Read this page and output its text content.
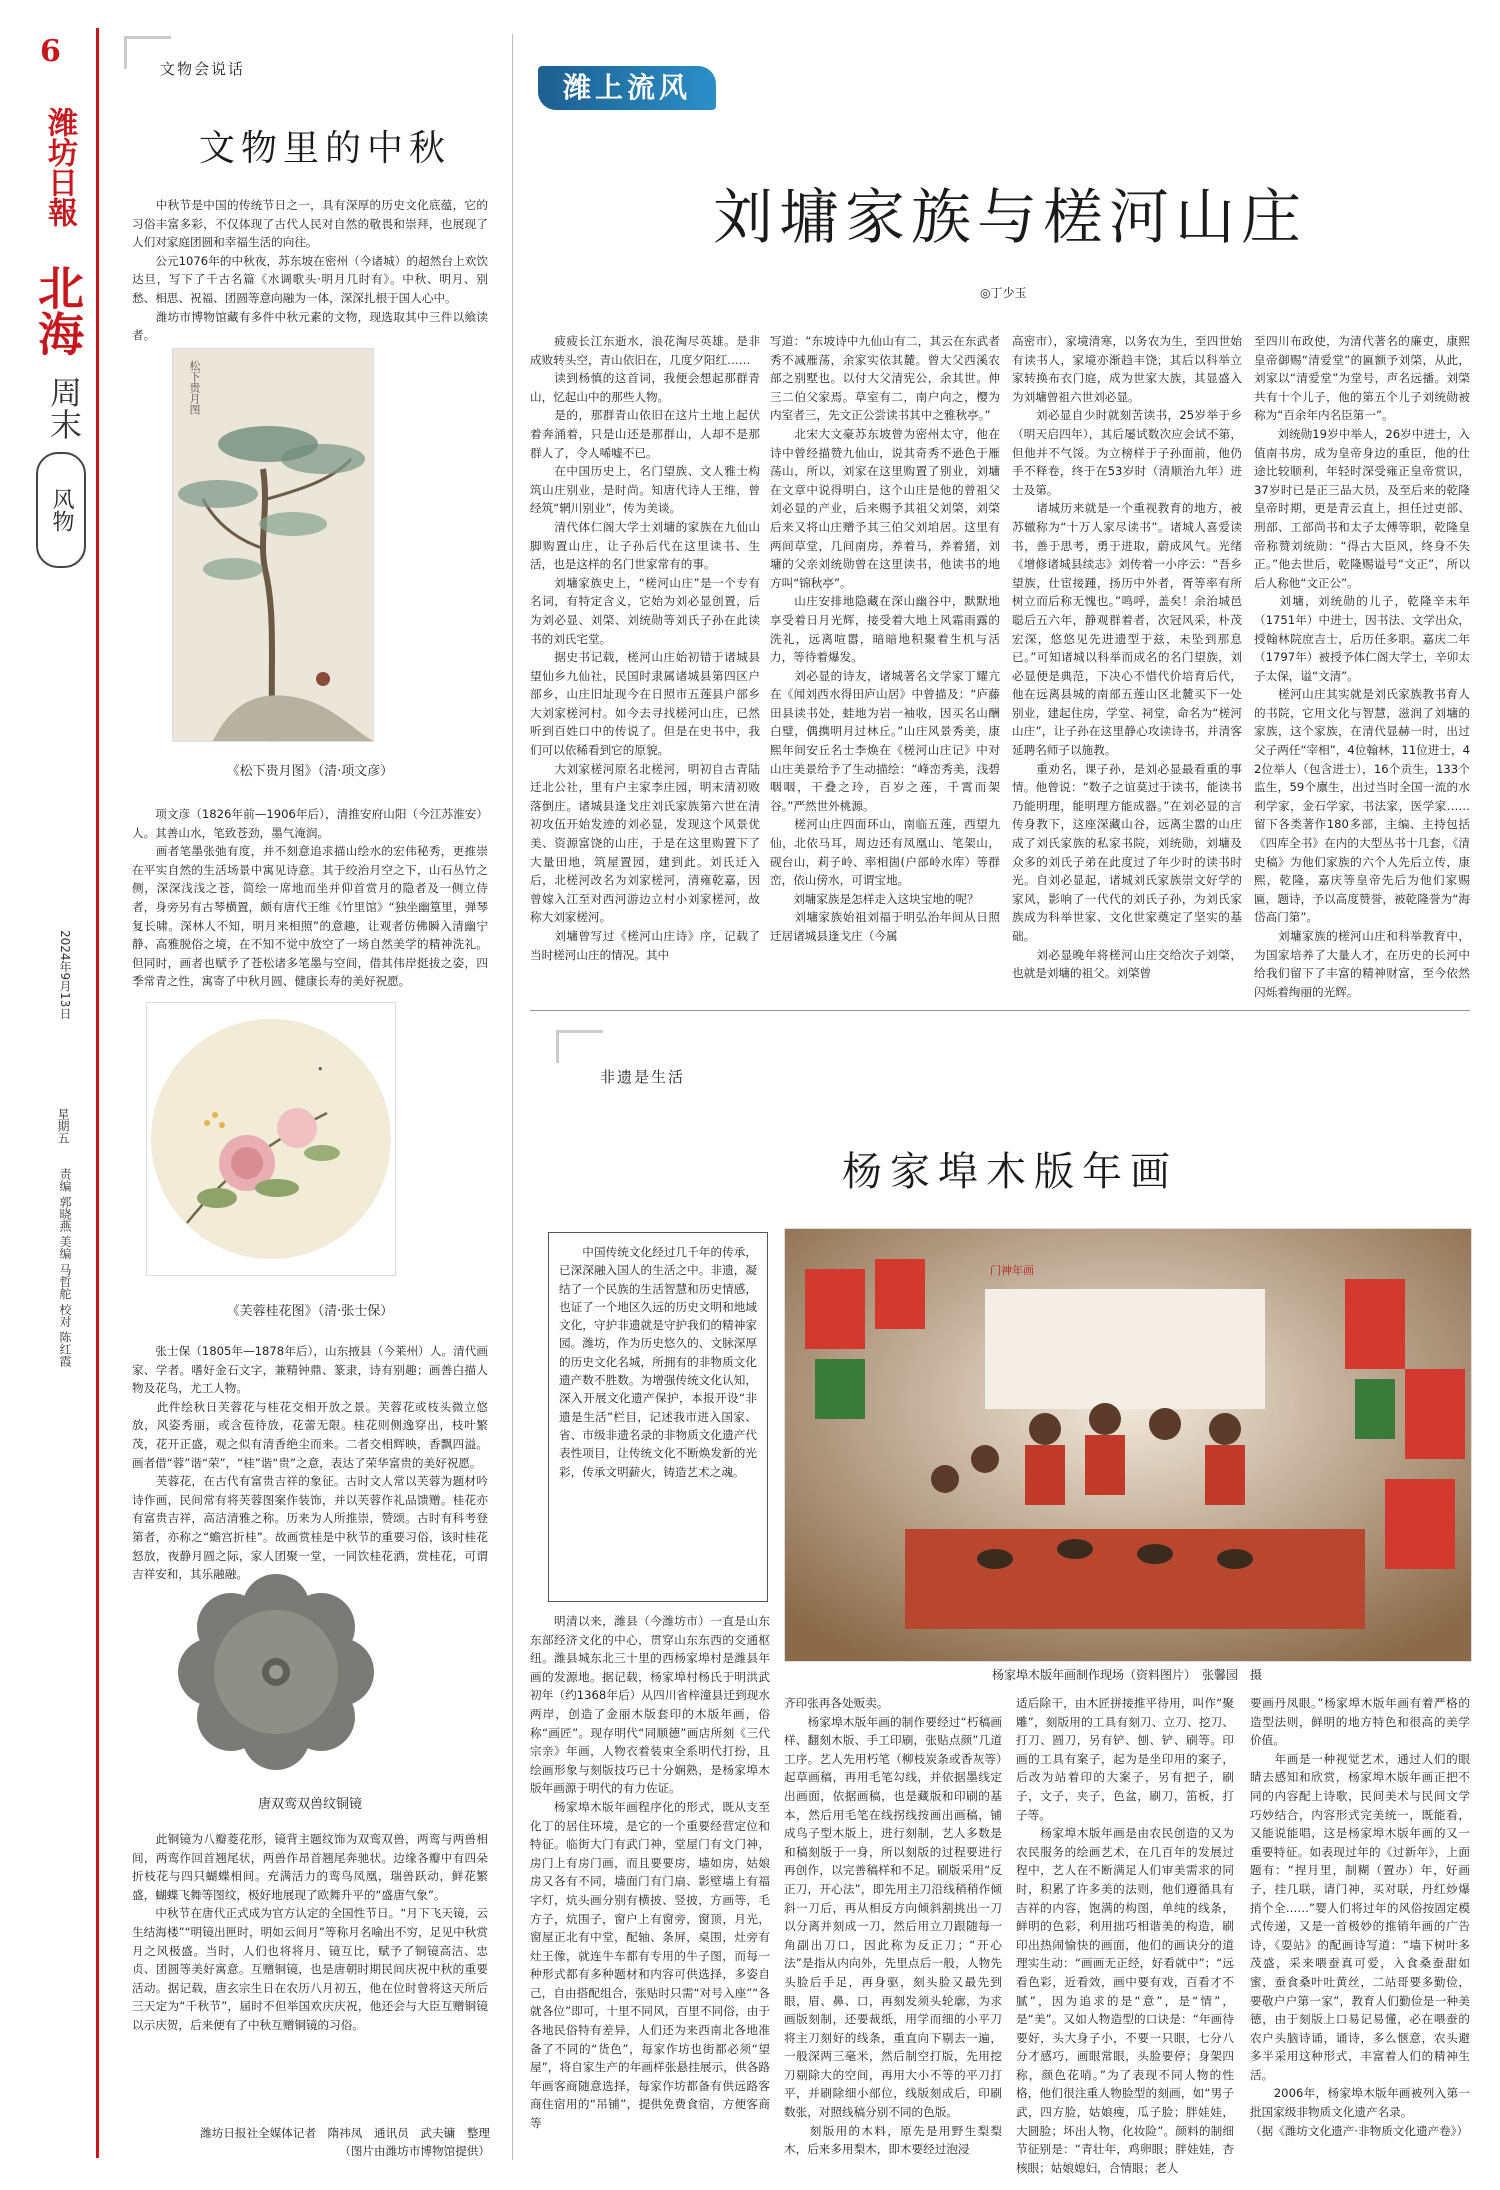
6
潍坊日報
北海
周末
风物
2024年9月13日
星期五
责编 郭晓燕 美编 马哲舵 校对 陈红霞
文物会说话
文物里的中秋
　　中秋节是中国的传统节日之一，具有深厚的历史文化底蕴，它的习俗丰富多彩，不仅体现了古代人民对自然的敬畏和崇拜，也展现了人们对家庭团圆和幸福生活的向往。
　　公元1076年的中秋夜，苏东坡在密州（今诸城）的超然台上欢饮达旦，写下了千古名篇《水调歌头·明月几时有》。中秋、明月、别愁、相思、祝福、团圆等意向融为一体，深深扎根于国人心中。
　　潍坊市博物馆藏有多件中秋元素的文物，现选取其中三件以飨读者。
松下贵月图
《松下贵月图》（清·项文彦）
　　项文彦（1826年前—1906年后），清推安府山阳（今江苏淮安）人。其善山水，笔致苍劲，墨气淹润。
　　画者笔墨张弛有度，并不刻意追求描山绘水的宏伟秘秀，更推崇在平实自然的生活场景中寓见诗意。其于绞治月空之下，山石丛竹之侧，深深浅浅之苍，简绘一席地而坐并仰首赏月的隐者及一侧立侍者，身旁另有古琴横置，颇有唐代王维《竹里馆》“独坐幽篁里，弹琴复长啸。深林人不知，明月来相照”的意趣，让观者仿佛瞬入清幽宁静、高雅脱俗之境，在不知不觉中放空了一场自然美学的精神洗礼。但同时，画者也赋予了苍松诸多笔墨与空间，借其伟岸挺拔之姿，四季常青之性，寓寄了中秋月圆、健康长寿的美好祝愿。
•
《芙蓉桂花图》（清·张士保）
　　张士保（1805年—1878年后），山东掖县（今莱州）人。清代画家、学者。嗜好金石文字，兼精钟鼎、篆隶，诗有别趣；画善白描人物及花鸟，尤工人物。
　　此件绘秋日芙蓉花与桂花交相开放之景。芙蓉花或枝头微立悠放，风姿秀丽，或含苞待放，花蕾无限。桂花则侧逸穿出，枝叶繁茂，花开正盛，观之似有清香绝尘而来。二者交相辉映，香飘四溢。画者借“蓉”谐“荣”，“桂”谐“贵”之意，表达了荣华富贵的美好祝愿。
　　芙蓉花，在古代有富贵吉祥的象征。古时文人常以芙蓉为题材吟诗作画，民间常有将芙蓉图案作装饰，并以芙蓉作礼品馈赠。桂花亦有富贵吉祥，高洁清雅之称。历来为人所推崇，赞颂。古时有科考登第者，亦称之“蟾宫折桂”。故画赏桂是中秋节的重要习俗，该时桂花怒放，夜静月圆之际，家人团聚一堂，一同饮桂花酒，赏桂花，可谓吉祥安和，其乐融融。
唐双鸾双兽纹铜镜
　　此铜镜为八瓣菱花形，镜背主题纹饰为双鸾双兽，两鸾与两兽相间，两鸾作回首翘尾状，两兽作昂首翘尾奔驰状。边缘各瓣中有四朵折枝花与四只蝴蝶相间。充满活力的鸾鸟凤凰，瑞兽跃动，鲜花繁盛，蝴蝶飞舞等图纹，极好地展现了欧舞升平的“盛唐气象”。
　　中秋节在唐代正式成为官方认定的全国性节日。“月下飞天镜，云生结海楼”“明镜出匣时，明如云间月”等称月名喻出不穷，足见中秋赏月之风极盛。当时，人们也将将月、镜互比，赋予了铜镜高洁、忠贞、团圆等美好寓意。互赠铜镜，也是唐朝时期民间庆祝中秋的重要活动。据记载，唐玄宗生日在农历八月初五，他在位时曾将这天所后三天定为“千秋节”，届时不但举国欢庆庆祝，他还会与大臣互赠铜镜以示庆贺，后来便有了中秋互赠铜镜的习俗。
潍坊日报社全媒体记者　隋祎凤　通讯员　武夫镛　整理
（图片由潍坊市博物馆提供）
潍上流风
刘墉家族与槎河山庄
◎丁少玉
　　疲疲长江东逝水，浪花淘尽英雄。是非成败转头空，青山依旧在，几度夕阳红……
　　读到杨慎的这首词，我便会想起那群青山，忆起山中的那些人物。
　　是的，那群青山依旧在这片土地上起伏着奔涌着，只是山还是那群山，人却不是那群人了，令人唏嘘不已。
　　在中国历史上，名门望族、文人雅士构筑山庄别业，是时尚。知唐代诗人王维，曾经筑“辋川别业”，传为美谈。
　　清代体仁阁大学士刘墉的家族在九仙山脚购置山庄，让子孙后代在这里读书、生活，也是这样的名门世家常有的事。
　　刘墉家族史上，“槎河山庄”是一个专有名词，有特定含义，它始为刘必显创置，后为刘必显、刘棨、刘统勋等刘氏子孙在此读书的刘氏宅堂。
　　据史书记载，槎河山庄始初错于诸城县望仙乡九仙社，民国时隶属诸城县第四区户部乡，山庄旧址现今在日照市五莲县户部乡大刘家槎河村。如今去寻找槎河山庄，已然听到百姓口中的传说了。但是在史书中，我们可以依稀看到它的原貌。
　　大刘家槎河原名北槎河，明初自古青陆迁北公社，里有户主家李庄园，明末清初败落倒庄。诸城县逢戈庄刘氏家族第六世在清初攻伍开始发迹的刘必显，发现这个风景优美、资源富饶的山庄，于是在这里购置下了大量田地，筑屋置园，建到此。刘氏迁入后，北槎河改名为刘家槎河，清雍乾嘉，因曾嫁入江至对西河游边立村小刘家槎河，故称大刘家槎河。
　　刘墉曾写过《槎河山庄诗》序，记载了当时槎河山庄的情况。其中
写道：“东坡诗中九仙山有二，其云在东武者秀不减雁荡，余家实依其麓。曾大父西溪农部之别墅也。以付大父清宪公，余其世。伸三二伯父家焉。草室有二，南户向之，樱为内室者三，先文正公尝读书其中之雅秋亭。”
　　北宋大文豪苏东坡曾为密州太守，他在诗中曾经描赞九仙山，说其奇秀不逊色于雁荡山，所以，刘家在这里购置了别业，刘墉在文章中说得明白，这个山庄是他的曾祖父刘必显的产业，后来赐予其祖父刘棨，刘棨后来又将山庄赠予其三伯父刘垍居。这里有两间草堂，几间南房，养着马，养着猪，刘墉的父亲刘统勋曾在这里读书，他读书的地方叫“锦秋亭”。
　　山庄安排地隐藏在深山幽谷中，默默地享受着日月光辉，接受着大地上风霜雨露的洗礼，远离喧嚣，暗暗地积聚着生机与活力，等待着爆发。
　　刘必显的诗友，诸城著名文学家丁耀亢在《闻刘西水得田庐山居》中曾描及：“庐藤田县读书处，蛙地为岩一袖收，因买名山酬白璧，偶携明月过林丘。”山庄风景秀美，康熙年间安丘名士李焕在《槎河山庄记》中对山庄美景给予了生动描绘：“峰峦秀美，浅碧咽咽，干叠之玲，百岁之莲，千霄而架谷。”严然世外桃源。
　　槎河山庄四面环山，南临五莲，西望九仙，北依马耳，周边还有凤凰山、笔架山，砚台山，莉子岭、率相崮(户部岭水库）等群峦，依山傍水，可谓宝地。
　　刘墉家族是怎样走入这块宝地的呢？
　　刘墉家族始祖刘福于明弘治年间从日照迁居诸城县逢戈庄（今属
高密市），家境清寒，以务农为生，至四世始有读书人，家境亦渐趋丰饶，其后以科举立家转换布衣门庭，成为世家大族，其显盛入为刘墉曾祖六世刘必显。
　　刘必显自少时就刻苦读书，25岁举于乡（明天启四年），其后屡试数次应会试不第，但他并不气馁。为立榜样于子孙面前，他仍手不释卷，终于在53岁时（清顺治九年）进士及第。
　　诸城历来就是一个重视教育的地方，被苏辙称为“十万人家尽读书”。诸城人喜爱读书，善于思考，勇于进取，蔚成风气。光绪《增修诸城县续志》刘传着一小序云：“吾乡望族，仕宦接踵，扬历中外者，胥等率有所树立而后称无愧也。”鸣呼，盖矣！余治城邑聪后五六年，静观群着者，次冠风采，朴茂宏深，悠悠见先进遗型于兹，未坠到那息已。”可知诸城以科举而成名的名门望族，刘必显便是典范，下决心不惜代价培育后代，他在远离县城的南部五莲山区北麓买下一处别业，建起住房，学堂、祠堂，命名为“槎河山庄”，让子孙在这里静心攻读诗书，并清客延聘名师子以施教。
　　重劝名，课子孙，是刘必显最看重的事情。他曾说：“数子之谊莫过于读书，能读书乃能明理，能明理方能成器。”在刘必显的言传身教下，这座深藏山谷，远离尘嚣的山庄成了刘氏家族的私家书院，刘统勋，刘墉及众多的刘氏子弟在此度过了年少时的读书时光。自刘必显起，诸城刘氏家族崇文好学的家风，影响了一代代的刘氏子孙，为刘氏家族成为科举世家、文化世家奠定了坚实的基础。
　　刘必显晚年将槎河山庄交给次子刘棨，也就是刘墉的祖父。刘棨曾
至四川布政使，为清代著名的廉吏，康熙皇帝御赐“清爱堂”的匾额予刘棨，从此，刘家以“清爱堂”为堂号，声名远播。刘棨共有十个儿子，他的第五个儿子刘统勋被称为“百余年内名臣第一”。
　　刘统勋19岁中举人，26岁中进士，入值南书房，成为皇帝身边的重臣，他的仕途比较顺利，年轻时深受雍正皇帝赏识，37岁时已是正三品大员，及至后来的乾隆皇帝时期，更是青云直上，担任过吏部、刑部、工部尚书和太子太傅等职，乾隆皇帝称赞刘统勋：“得古大臣风，终身不失正。”他去世后，乾隆赐谥号“文正”，所以后人称他“文正公”。
　　刘墉，刘统勋的儿子，乾隆辛未年（1751年）中进士，因书法、文学出众，授翰林院庶吉士，后历任多职。嘉庆二年（1797年）被授予体仁阁大学士，辛卯太子太保，谥“文清”。
　　槎河山庄其实就是刘氏家族教书育人的书院，它用文化与智慧，滋润了刘墉的家族，这个家族，在清代显赫一时，出过父子两任“宰相”，4位翰林，11位进士，42位举人（包含进士），16个贡生，133个监生，59个廪生，出过当时全国一流的水利学家，金石学家，书法家，医学家……留下各类著作180多部，主编、主持包括《四库全书》在内的大型丛书十几套，《清史稿》为他们家族的六个人先后立传，康熙，乾隆，嘉庆等皇帝先后为他们家赐匾，题诗，予以高度赞誉，被乾隆誉为“海岱高门第”。
　　刘墉家族的槎河山庄和科举教育中，为国家培养了大量人才，在历史的长河中给我们留下了丰富的精神财富，至今依然闪烁着绚丽的光辉。
非遗是生活
杨家埠木版年画
　　中国传统文化经过几千年的传承，已深深融入国人的生活之中。非遗，凝结了一个民族的生活智慧和历史情感，也证了一个地区久远的历史文明和地域文化，守护非遗就是守护我们的精神家园。潍坊，作为历史悠久的、文脉深厚的历史文化名城，所拥有的非物质文化遗产数不胜数。为增强传统文化认知，深入开展文化遗产保护，本报开设“非遗是生活”栏目，记述我市进入国家、省、市级非遗名录的非物质文化遗产代表性项目，让传统文化不断焕发新的光彩，传承文明薪火，铸造艺术之魂。
门神年画
杨家埠木版年画制作现场（资料图片）　张馨园　摄
　　明清以来，潍县（今潍坊市）一直是山东东部经济文化的中心，贯穿山东东西的交通枢纽。潍县城东北三十里的西杨家埠村是潍县年画的发源地。据记载，杨家埠村杨氏于明洪武初年（约1368年后）从四川省梓潼县迁到现水两岸，创造了金丽木版套印的木版年画，俗称“画匠”。现存明代“同顺德”画店所刻《三代宗亲》年画，人物衣着装束全系明代打扮，且绘画形象与刻版技巧已十分娴熟，是杨家埠木版年画源于明代的有力佐证。
　　杨家埠木版年画程序化的形式，既从支至化丁的居住环境，是它的一个重要经营定位和特征。临街大门有武门神，堂屋门有文门神，房门上有房门画，而且要要房，墙如房，姑娘房又各有不同，墙面门有门扇、影壁墙上有福字灯，炕头画分别有横披、竖披，方画等，毛方子，炕围子，窗户上有窗旁，窗顶，月光，窗屋正北有中堂，配轴、条屏，桌围，灶旁有灶王像，就连牛车都有专用的牛子图，而每一种形式都有多种题材和内容可供选择，多姿自己，自由搭配组合，张贴时只需“对号入座”“各就各位”即可，十里不同风，百里不同俗，由于各地民俗特有差异，人们还为来西南北各地准备了不同的“货色”，每家作坊也街都必须“望屋”，将自家生产的年画样张悬挂展示，供各路年画客商随意选择，每家作坊都备有供远路客商住宿用的“吊铺”，提供免费食宿，方便客商等
齐印张再各处贩卖。
　　杨家埠木版年画的制作要经过“朽稿画样、翻刻木版、手工印刷，张贴点颜”几道工序。艺人先用朽笔（柳枝炭条或香灰等）起草画稿，再用毛笔勾线，并依据墨线定出画面，依据画稿，也是藏版和印刷的基本，然后用毛笔在线拐线按画出画稿，铺成鸟子型木版上，进行刻制，艺人多数是和稿刻版于一身，所以刻版的过程要进行再创作，以完善稿样和不足。刷版采用“反正刀，开心法”，即先用主刀沿线稍稍作倾斜一刀后，再从相反方向倾斜割挑出一刀以分离并刻成一刀，然后用立刀跟随每一角副出刀口，因此称为反正刀；“开心法”是指从内向外，先里点后一般，人物先头脸后手足，再身驱，刻头脸又最先到眼，眉、鼻、口，再刻发须头轮廓，为求画版刻制，还要裁纸，用学而细的小平刀将主刀刻好的线条，重直向下剔去一遍，一般深两三毫米，然后制空打版，先用挖刀剔除大的空间，再用大小不等的平刀打平，并刷除细小部位，线版刻成后，印刷数张，对照线稿分别不同的色版。
　　刻版用的木料，原先是用野生梨梨木，后来多用梨木，即木要经过泡浸
适后除干，由木匠拼接推平待用，叫作“聚雕”，刻版用的工具有刻刀、立刀、挖刀、打刀、圆刀，另有铲、刨、铲、刷等。印画的工具有案子，起为是坐印用的案子，后改为站着印的大案子，另有把子，刷子，文子，夹子，色盆，刷刀，笛板，打子等。
　　杨家埠木版年画是由农民创造的又为农民服务的绘画艺术，在几百年的发展过程中，艺人在不断满足人们审美需求的同时，积累了许多美的法则，他们遵循具有吉祥的内容，饱满的构图，单纯的线条，鲜明的色彩，利用拙巧相谐美的构造，刷印出热闹愉快的画面，他们的画诀分的道理实生动：“画画无正经，好看就中”；“远看色彩，近看效，画中要有戏，百看才不腻”，因为追求的是“意”，是“情”，是“美”。又如人物造型的口诀是：“年画待要好，头大身子小，不要一只眼，七分八分才感巧，画眼常眼，头脸要停；身架四称，颜色花哨。”为了表现不同人物的性格，他们很注重人物脸型的刻画，如“男子武，四方脸，姑娘瘦，瓜子脸；胖娃娃，大圆脸；坏出人物，化妆险”。颜料的制细节征别是：“青壮年，鸡卵眼；胖娃娃，杏核眼；姑娘媳妇，合情眼；老人
要画丹凤眼。”杨家埠木版年画有着严格的造型法则，鲜明的地方特色和很高的美学价值。
　　年画是一种视觉艺术，通过人们的眼睛去感知和欣赏，杨家埠木版年画正把不同的内容配上诗歌，民间美术与民间文学巧妙结合，内容形式完美统一，既能看，又能说能唱，这是杨家埠木版年画的又一重要特征。如表现过年的《过新年》，上面题有：“捏月里，制糊（置办）年，好画子，挂几联，请门神，买对联，丹红炒爆捎个全……”婴人们将过年的风俗按固定模式传递，又是一首极妙的推销年画的广告诗，《耍站》的配画诗写道：“墙下树叶多茂盛，采来喂蚕真可爱，入食桑蚕甜如蜜，蚕食桑叶吐黄丝，二站哥要多勤俭，要敬户户第一家”，教育人们勤俭是一种美德，由于刻版上口易记易懂，必在喂蚕的农户头脑诗诵，诵诗，多么惬意，农头避多半采用这种形式，丰富着人们的精神生活。
　　2006年，杨家埠木版年画被列入第一批国家级非物质文化遗产名录。
（据《潍坊文化遗产·非物质文化遗产卷》）
